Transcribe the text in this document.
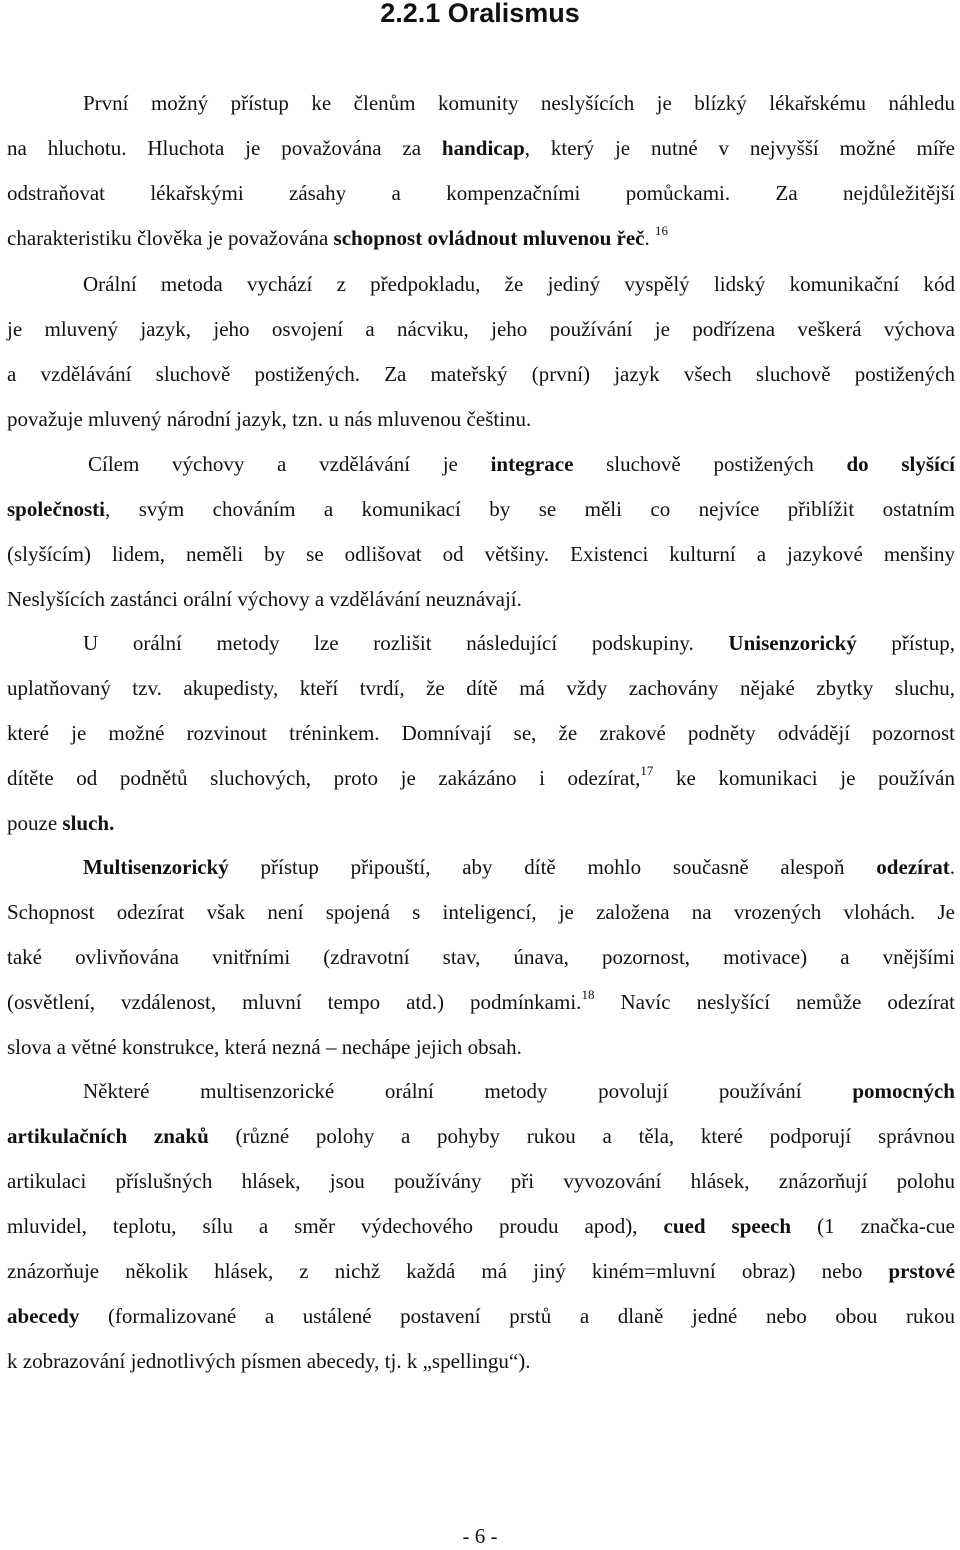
2.2.1 Oralismus
První možný přístup ke členům komunity neslyšících je blízký lékařskému náhledu
na hluchotu. Hluchota je považována za handicap, který je nutné v nejvyšší možné míře
odstraňovat lékařskými zásahy a kompenzačními pomůckami. Za nejdůležitější
charakteristiku člověka je považována schopnost ovládnout mluvenou řeč. $^{16}$
Orální metoda vychází z předpokladu, že jediný vyspělý lidský komunikační kód
je mluvený jazyk, jeho osvojení a nácviku, jeho používání je podřízena veškerá výchova
a vzdělávání sluchově postižených. Za mateřský (první) jazyk všech sluchově postižených
považuje mluvený národní jazyk, tzn. u nás mluvenou češtinu.
Cílem výchovy a vzdělávání je integrace sluchově postižených do slyšící
společnosti, svým chováním a komunikací by se měli co nejvíce přiblížit ostatním
(slyšícím) lidem, neměli by se odlišovat od většiny. Existenci kulturní a jazykové menšiny
Neslyšících zastánci orální výchovy a vzdělávání neuznávají.
U orální metody lze rozlišit následující podskupiny. Unisenzorický přístup,
uplatňovaný tzv. akupedisty, kteří tvrdí, že dítě má vždy zachovány nějaké zbytky sluchu,
které je možné rozvinout tréninkem. Domnívají se, že zrakové podněty odvádějí pozornost
dítěte od podnětů sluchových, proto je zakázáno i odezírat,$^{17}$ ke komunikaci je používán
pouze sluch.
Multisenzorický přístup připouští, aby dítě mohlo současně alespoň odezírat.
Schopnost odezírat však není spojená s inteligencí, je založena na vrozených vlohách. Je
také ovlivňována vnitřními (zdravotní stav, únava, pozornost, motivace) a vnějšími
(osvětlení, vzdálenost, mluvní tempo atd.) podmínkami.$^{18}$ Navíc neslyšící nemůže odezírat
slova a větné konstrukce, která nezná – nechápe jejich obsah.
Některé multisenzorické orální metody povolují používání pomocných
artikulačních znaků (různé polohy a pohyby rukou a těla, které podporují správnou
artikulaci příslušných hlásek, jsou používány při vyvozování hlásek, znázorňují polohu
mluvidel, teplotu, sílu a směr výdechového proudu apod), cued speech (1 značka-cue
znázorňuje několik hlásek, z nichž každá má jiný kiném=mluvní obraz) nebo prstové
abecedy (formalizované a ustálené postavení prstů a dlaně jedné nebo obou rukou
k zobrazování jednotlivých písmen abecedy, tj. k „spellingu“).
- 6 -
